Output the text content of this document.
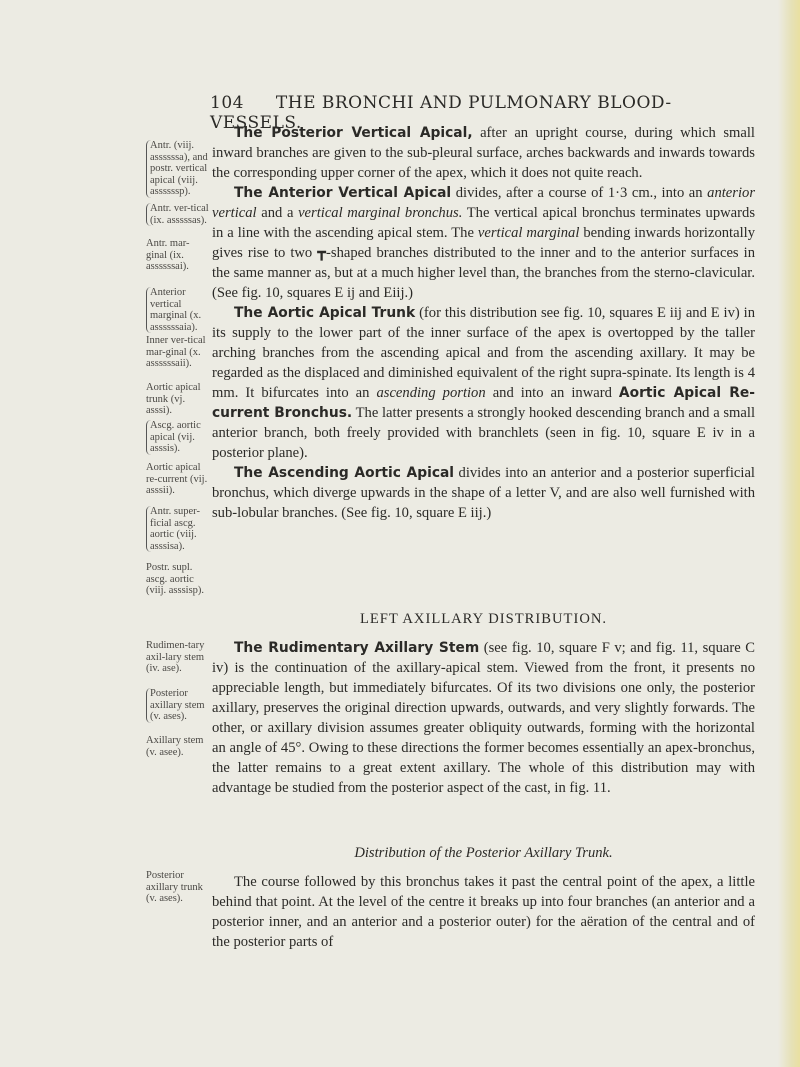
104 THE BRONCHI AND PULMONARY BLOOD-VESSELS.
Antr. (viij. assssssa), and postr. vertical apical (viij. assssssp).
Antr. ver-tical (ix. asssssas).
Antr. mar-ginal (ix. assssssai).
Anterior vertical marginal (x. assssssaia).
Inner ver-tical mar-ginal (x. assssssaii).
Aortic apical trunk (vj. asssi).
Ascg. aortic apical (vij. asssis).
Aortic apical re-current (vij. asssii).
Antr. super-ficial ascg. aortic (viij. asssisa).
Postr. supl. ascg. aortic (viij. asssisp).
Rudimen-tary axil-lary stem (iv. ase).
Posterior axillary stem (v. ases).
Axillary stem (v. asee).
Posterior axillary trunk (v. ases).

The Posterior Vertical Apical, after an upright course, during which small inward branches are given to the sub-pleural surface, arches backwards and inwards towards the corresponding upper corner of the apex, which it does not quite reach.

The Anterior Vertical Apical divides, after a course of 1·3 cm., into an anterior vertical and a vertical marginal bronchus. The vertical apical bronchus terminates upwards in a line with the ascending apical stem. The vertical marginal bending inwards horizontally gives rise to two ┳-shaped branches distributed to the inner and to the anterior surfaces in the same manner as, but at a much higher level than, the branches from the sterno-clavicular. (See fig. 10, squares E ij and Eiij.)

The Aortic Apical Trunk (for this distribution see fig. 10, squares E iij and E iv) in its supply to the lower part of the inner surface of the apex is overtopped by the taller arching branches from the ascending apical and from the ascending axillary. It may be regarded as the displaced and diminished equivalent of the right supra-spinate. Its length is 4 mm. It bifurcates into an ascending portion and into an inward Aortic Apical Re-current Bronchus. The latter presents a strongly hooked descending branch and a small anterior branch, both freely provided with branchlets (seen in fig. 10, square E iv in a posterior plane).

The Ascending Aortic Apical divides into an anterior and a posterior superficial bronchus, which diverge upwards in the shape of a letter V, and are also well furnished with sub-lobular branches. (See fig. 10, square E iij.)

LEFT AXILLARY DISTRIBUTION.

The Rudimentary Axillary Stem (see fig. 10, square F v; and fig. 11, square C iv) is the continuation of the axillary-apical stem. Viewed from the front, it presents no appreciable length, but immediately bifurcates. Of its two divisions one only, the posterior axillary, preserves the original direction upwards, outwards, and very slightly forwards. The other, or axillary division assumes greater obliquity outwards, forming with the horizontal an angle of 45°. Owing to these directions the former becomes essentially an apex-bronchus, the latter remains to a great extent axillary. The whole of this distribution may with advantage be studied from the posterior aspect of the cast, in fig. 11.

Distribution of the Posterior Axillary Trunk.

The course followed by this bronchus takes it past the central point of the apex, a little behind that point. At the level of the centre it breaks up into four branches (an anterior and a posterior inner, and an anterior and a posterior outer) for the aëration of the central and of the posterior parts of
